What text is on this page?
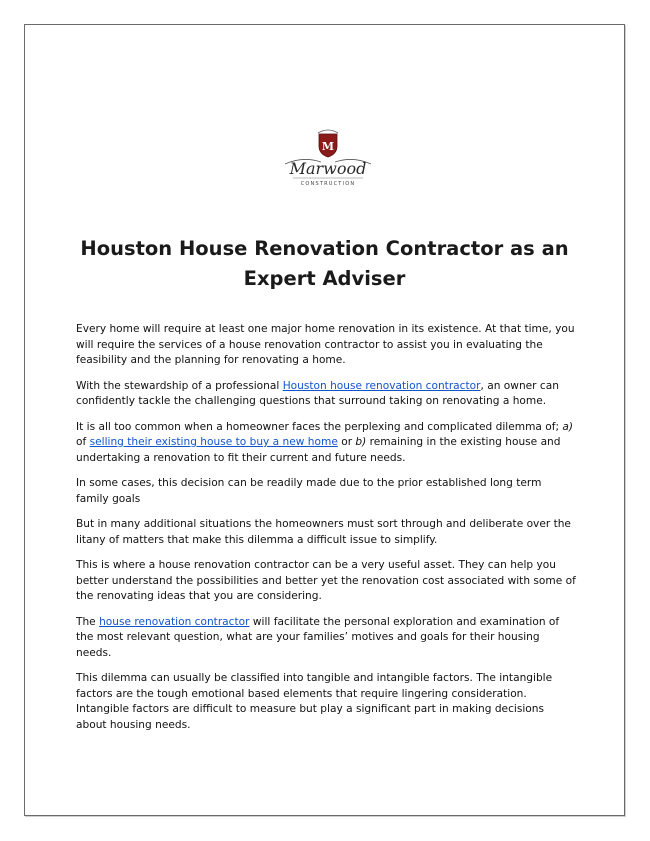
M
Marwood
CONSTRUCTION
Houston House Renovation Contractor as an
Expert Adviser

Every home will require at least one major home renovation in its existence. At that time, you will require the services of a house renovation contractor to assist you in evaluating the feasibility and the planning for renovating a home.

With the stewardship of a professional Houston house renovation contractor, an owner can confidently tackle the challenging questions that surround taking on renovating a home.

It is all too common when a homeowner faces the perplexing and complicated dilemma of; a) of selling their existing house to buy a new home or b) remaining in the existing house and undertaking a renovation to fit their current and future needs.

In some cases, this decision can be readily made due to the prior established long term family goals

But in many additional situations the homeowners must sort through and deliberate over the litany of matters that make this dilemma a difficult issue to simplify.

This is where a house renovation contractor can be a very useful asset. They can help you better understand the possibilities and better yet the renovation cost associated with some of the renovating ideas that you are considering.

The house renovation contractor will facilitate the personal exploration and examination of the most relevant question, what are your families’ motives and goals for their housing needs.

This dilemma can usually be classified into tangible and intangible factors. The intangible factors are the tough emotional based elements that require lingering consideration. Intangible factors are difficult to measure but play a significant part in making decisions about housing needs.
